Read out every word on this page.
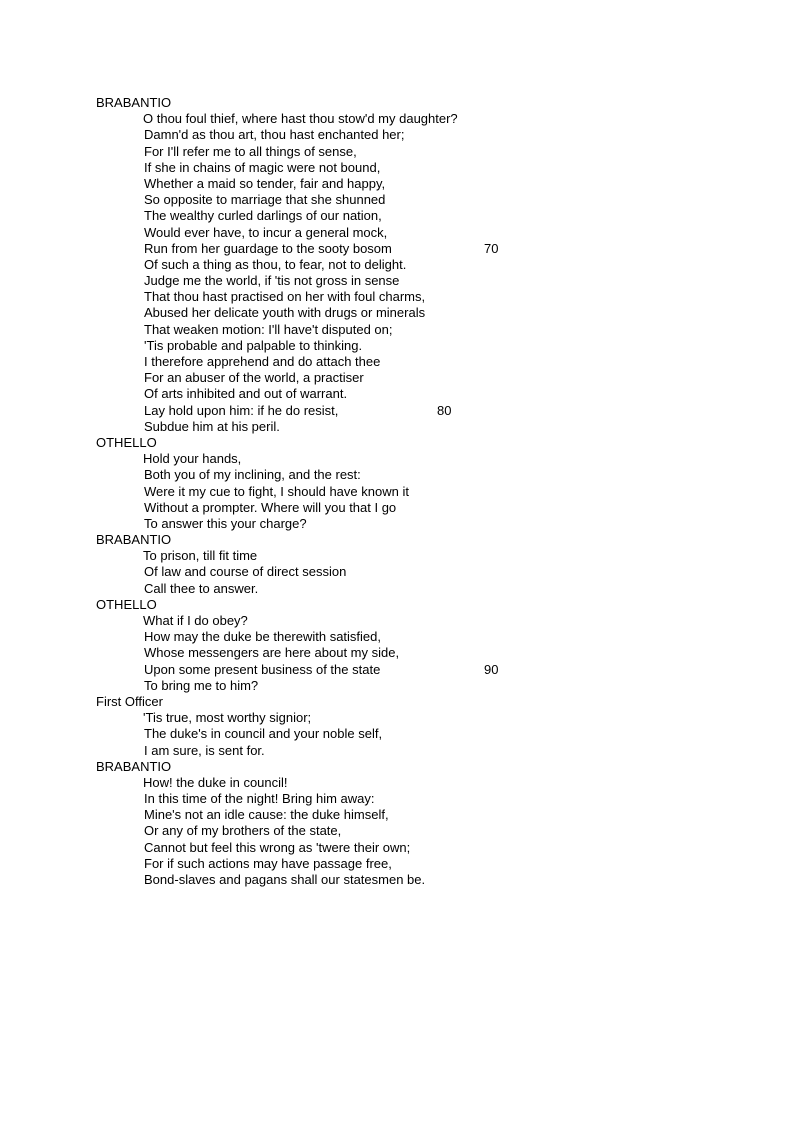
BRABANTIO
O thou foul thief, where hast thou stow'd my daughter?
Damn'd as thou art, thou hast enchanted her;
For I'll refer me to all things of sense,
If she in chains of magic were not bound,
Whether a maid so tender, fair and happy,
So opposite to marriage that she shunned
The wealthy curled darlings of our nation,
Would ever have, to incur a general mock,
Run from her guardage to the sooty bosom	70
Of such a thing as thou, to fear, not to delight.
Judge me the world, if 'tis not gross in sense
That thou hast practised on her with foul charms,
Abused her delicate youth with drugs or minerals
That weaken motion: I'll have't disputed on;
'Tis probable and palpable to thinking.
I therefore apprehend and do attach thee
For an abuser of the world, a practiser
Of arts inhibited and out of warrant.
Lay hold upon him: if he do resist,	80
Subdue him at his peril.
OTHELLO
Hold your hands,
Both you of my inclining, and the rest:
Were it my cue to fight, I should have known it
Without a prompter. Where will you that I go
To answer this your charge?
BRABANTIO
To prison, till fit time
Of law and course of direct session
Call thee to answer.
OTHELLO
What if I do obey?
How may the duke be therewith satisfied,
Whose messengers are here about my side,
Upon some present business of the state	90
To bring me to him?
First Officer
'Tis true, most worthy signior;
The duke's in council and your noble self,
I am sure, is sent for.
BRABANTIO
How! the duke in council!
In this time of the night! Bring him away:
Mine's not an idle cause: the duke himself,
Or any of my brothers of the state,
Cannot but feel this wrong as 'twere their own;
For if such actions may have passage free,
Bond-slaves and pagans shall our statesmen be.
